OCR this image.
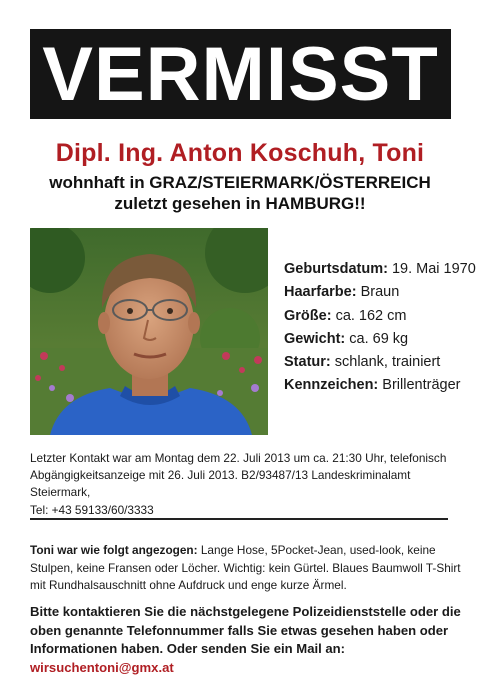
VERMISST
Dipl. Ing. Anton Koschuh, Toni
wohnhaft in GRAZ/STEIERMARK/ÖSTERREICH
zuletzt gesehen in HAMBURG!!
Geburtsdatum: 19. Mai 1970
Haarfarbe: Braun
Größe: ca. 162 cm
Gewicht: ca. 69 kg
Statur: schlank, trainiert
Kennzeichen: Brillenträger
Letzter Kontakt war am Montag dem 22. Juli 2013 um ca. 21:30 Uhr, telefonisch
Abgängigkeitsanzeige mit 26. Juli 2013. B2/93487/13 Landeskriminalamt Steiermark,
Tel: +43 59133/60/3333
Toni war wie folgt angezogen: Lange Hose, 5Pocket-Jean, used-look, keine
Stulpen, keine Fransen oder Löcher. Wichtig: kein Gürtel. Blaues Baumwoll T-Shirt
mit Rundhalsauschnitt ohne Aufdruck und enge kurze Ärmel.
Bitte kontaktieren Sie die nächstgelegene Polizeidienststelle oder die
oben genannte Telefonnummer falls Sie etwas gesehen haben oder
Informationen haben. Oder senden Sie ein Mail an: wirsuchentoni@gmx.at
